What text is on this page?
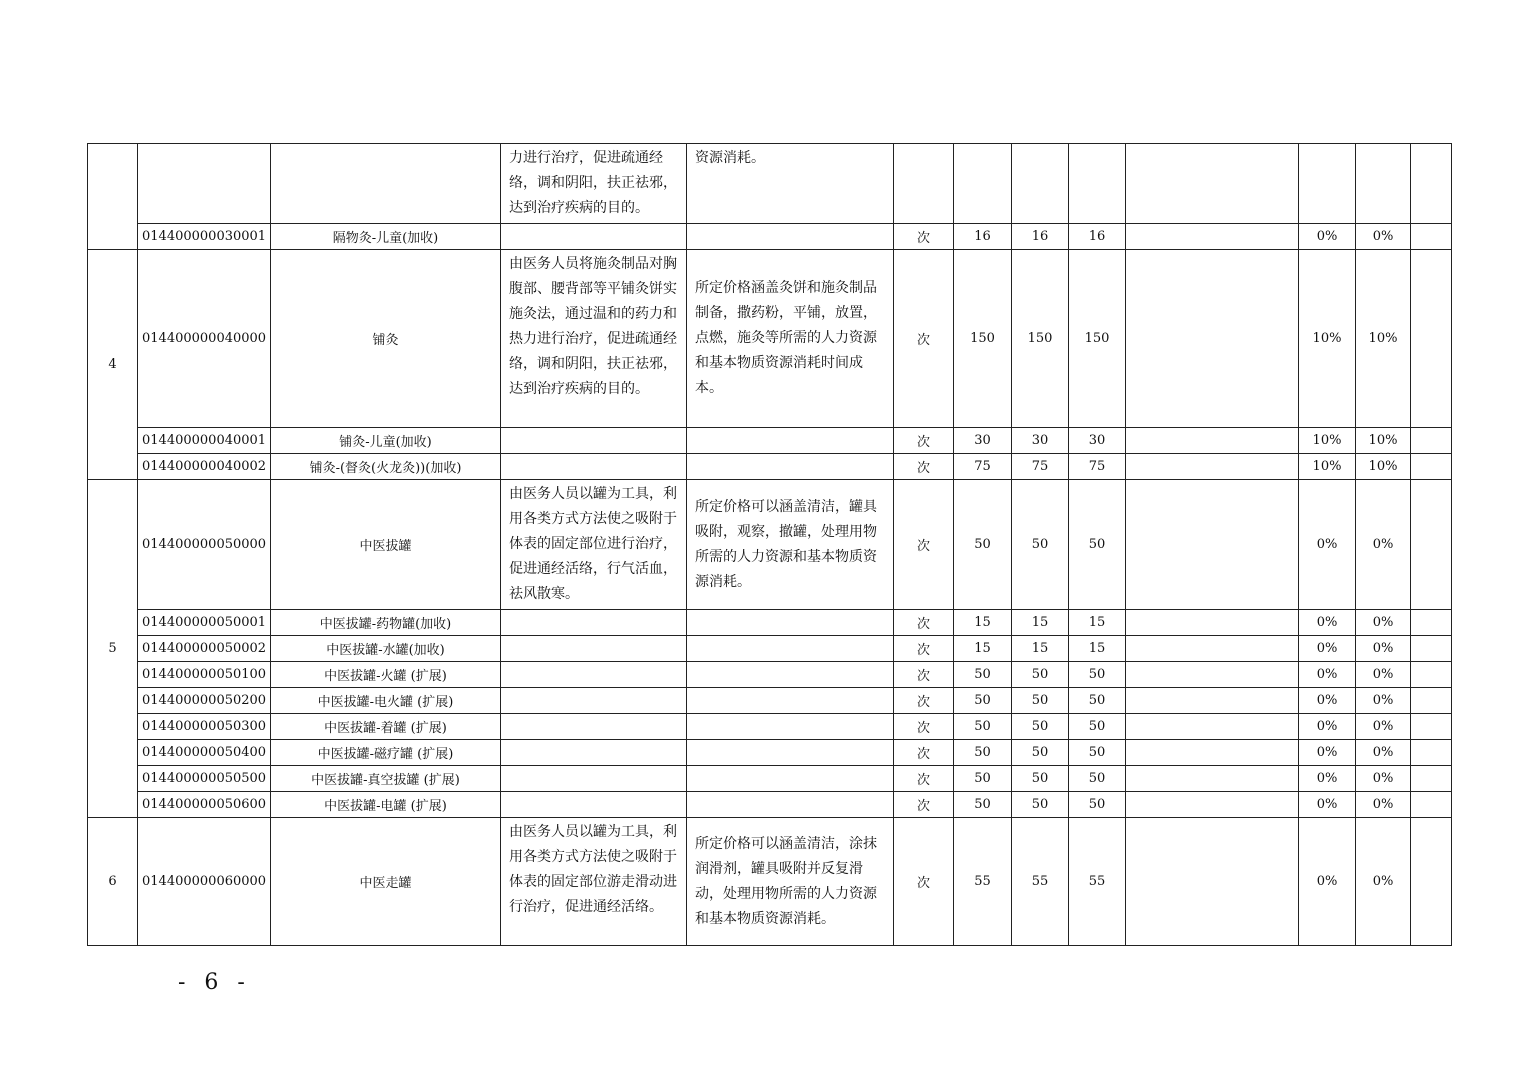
			力进行治疗，促进疏通经络，调和阴阳，扶正祛邪，达到治疗疾病的目的。	资源消耗。								
	014400000030001	隔物灸-儿童(加收)			次	16	16	16		0%	0%	
4	014400000040000	铺灸	由医务人员将施灸制品对胸腹部、腰背部等平铺灸饼实施灸法，通过温和的药力和热力进行治疗，促进疏通经络，调和阴阳，扶正祛邪，达到治疗疾病的目的。	所定价格涵盖灸饼和施灸制品制备，撒药粉，平铺，放置，点燃，施灸等所需的人力资源和基本物质资源消耗时间成本。	次	150	150	150		10%	10%	
	014400000040001	铺灸-儿童(加收)			次	30	30	30		10%	10%	
	014400000040002	铺灸-(督灸(火龙灸))(加收)			次	75	75	75		10%	10%	
5	014400000050000	中医拔罐	由医务人员以罐为工具，利用各类方式方法使之吸附于体表的固定部位进行治疗，促进通经活络，行气活血，祛风散寒。	所定价格可以涵盖清洁，罐具吸附，观察，撤罐，处理用物所需的人力资源和基本物质资源消耗。	次	50	50	50		0%	0%	
	014400000050001	中医拔罐-药物罐(加收)			次	15	15	15		0%	0%	
	014400000050002	中医拔罐-水罐(加收)			次	15	15	15		0%	0%	
	014400000050100	中医拔罐-火罐 (扩展)			次	50	50	50		0%	0%	
	014400000050200	中医拔罐-电火罐 (扩展)			次	50	50	50		0%	0%	
	014400000050300	中医拔罐-着罐 (扩展)			次	50	50	50		0%	0%	
	014400000050400	中医拔罐-磁疗罐 (扩展)			次	50	50	50		0%	0%	
	014400000050500	中医拔罐-真空拔罐 (扩展)			次	50	50	50		0%	0%	
	014400000050600	中医拔罐-电罐 (扩展)			次	50	50	50		0%	0%	
6	014400000060000	中医走罐	由医务人员以罐为工具，利用各类方式方法使之吸附于体表的固定部位游走滑动进行治疗，促进通经活络。	所定价格可以涵盖清洁，涂抹润滑剂，罐具吸附并反复滑动，处理用物所需的人力资源和基本物质资源消耗。	次	55	55	55		0%	0%	
- 6 -
